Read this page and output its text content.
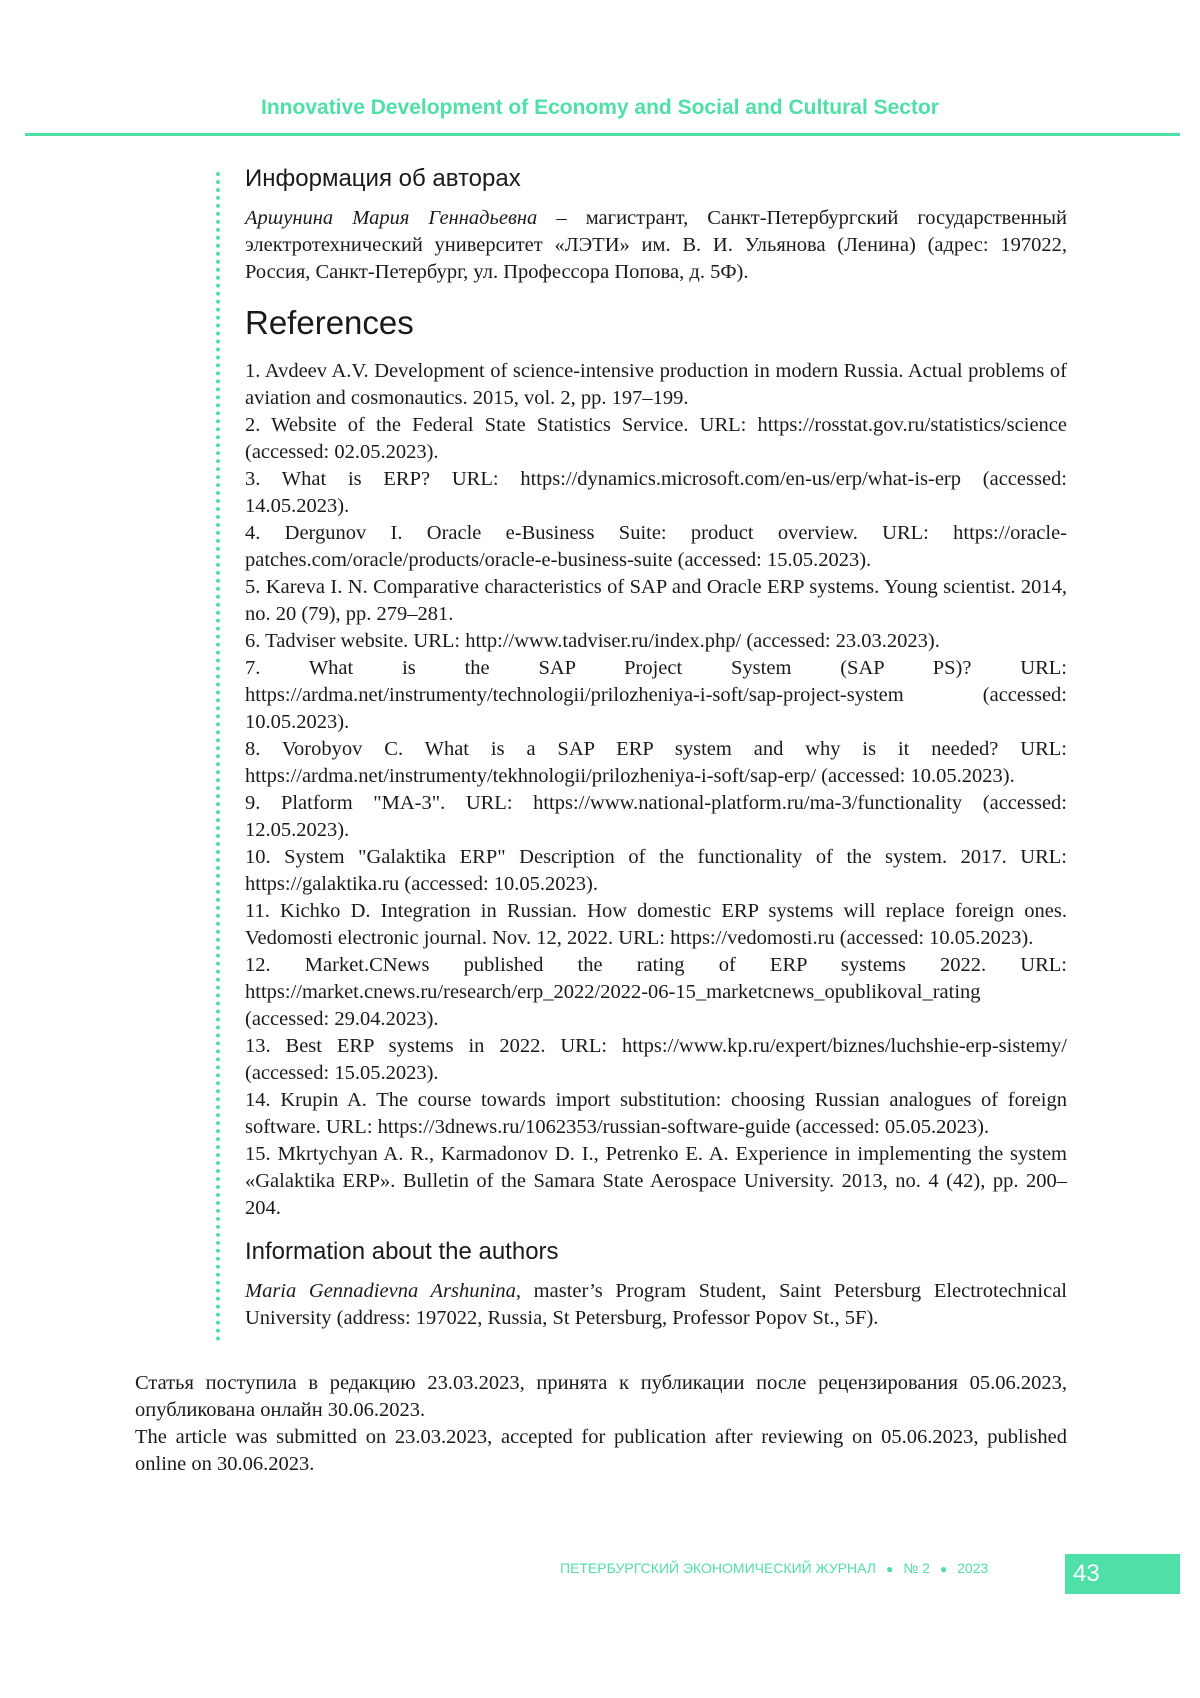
Innovative Development of Economy and Social and Cultural Sector
Информация об авторах

Аршунина Мария Геннадьевна – магистрант, Санкт-Петербургский государственный электротехнический университет «ЛЭТИ» им. В. И. Ульянова (Ленина) (адрес: 197022, Россия, Санкт-Петербург, ул. Профессора Попова, д. 5Ф).

References
1. Avdeev A.V. Development of science-intensive production in modern Russia. Actual problems of aviation and cosmonautics. 2015, vol. 2, pp. 197–199.
2. Website of the Federal State Statistics Service. URL: https://rosstat.gov.ru/statistics/science (accessed: 02.05.2023).
3. What is ERP? URL: https://dynamics.microsoft.com/en-us/erp/what-is-erp (accessed: 14.05.2023).
4. Dergunov I. Oracle e-Business Suite: product overview. URL: https://oracle-patches.com/oracle/products/oracle-e-business-suite (accessed: 15.05.2023).
5. Kareva I. N. Comparative characteristics of SAP and Oracle ERP systems. Young scientist. 2014, no. 20 (79), pp. 279–281.
6. Tadviser website. URL: http://www.tadviser.ru/index.php/ (accessed: 23.03.2023).
7. What is the SAP Project System (SAP PS)? URL: https://ardma.net/instrumenty/technologii/prilozheniya-i-soft/sap-project-system (accessed: 10.05.2023).
8. Vorobyov C. What is a SAP ERP system and why is it needed? URL: https://ardma.net/instrumenty/tekhnologii/prilozheniya-i-soft/sap-erp/ (accessed: 10.05.2023).
9. Platform "MA-3". URL: https://www.national-platform.ru/ma-3/functionality (accessed: 12.05.2023).
10. System "Galaktika ERP" Description of the functionality of the system. 2017. URL: https://galaktika.ru (accessed: 10.05.2023).
11. Kichko D. Integration in Russian. How domestic ERP systems will replace foreign ones. Vedomosti electronic journal. Nov. 12, 2022. URL: https://vedomosti.ru (accessed: 10.05.2023).
12. Market.CNews published the rating of ERP systems 2022. URL: https://market.cnews.ru/research/erp_2022/2022-06-15_marketcnews_opublikoval_rating (accessed: 29.04.2023).
13. Best ERP systems in 2022. URL: https://www.kp.ru/expert/biznes/luchshie-erp-sistemy/ (accessed: 15.05.2023).
14. Krupin A. The course towards import substitution: choosing Russian analogues of foreign software. URL: https://3dnews.ru/1062353/russian-software-guide (accessed: 05.05.2023).
15. Mkrtychyan A. R., Karmadonov D. I., Petrenko E. A. Experience in implementing the system «Galaktika ERP». Bulletin of the Samara State Aerospace University. 2013, no. 4 (42), pp. 200–204.
Information about the authors

Maria Gennadievna Arshunina, master’s Program Student, Saint Petersburg Electrotechnical University (address: 197022, Russia, St Petersburg, Professor Popov St., 5F).

Статья поступила в редакцию 23.03.2023, принята к публикации после рецензирования 05.06.2023, опубликована онлайн 30.06.2023.

The article was submitted on 23.03.2023, accepted for publication after reviewing on 05.06.2023, published online on 30.06.2023.

ПЕТЕРБУРГСКИЙ ЭКОНОМИЧЕСКИЙ ЖУРНАЛ ● № 2 ● 2023	43
